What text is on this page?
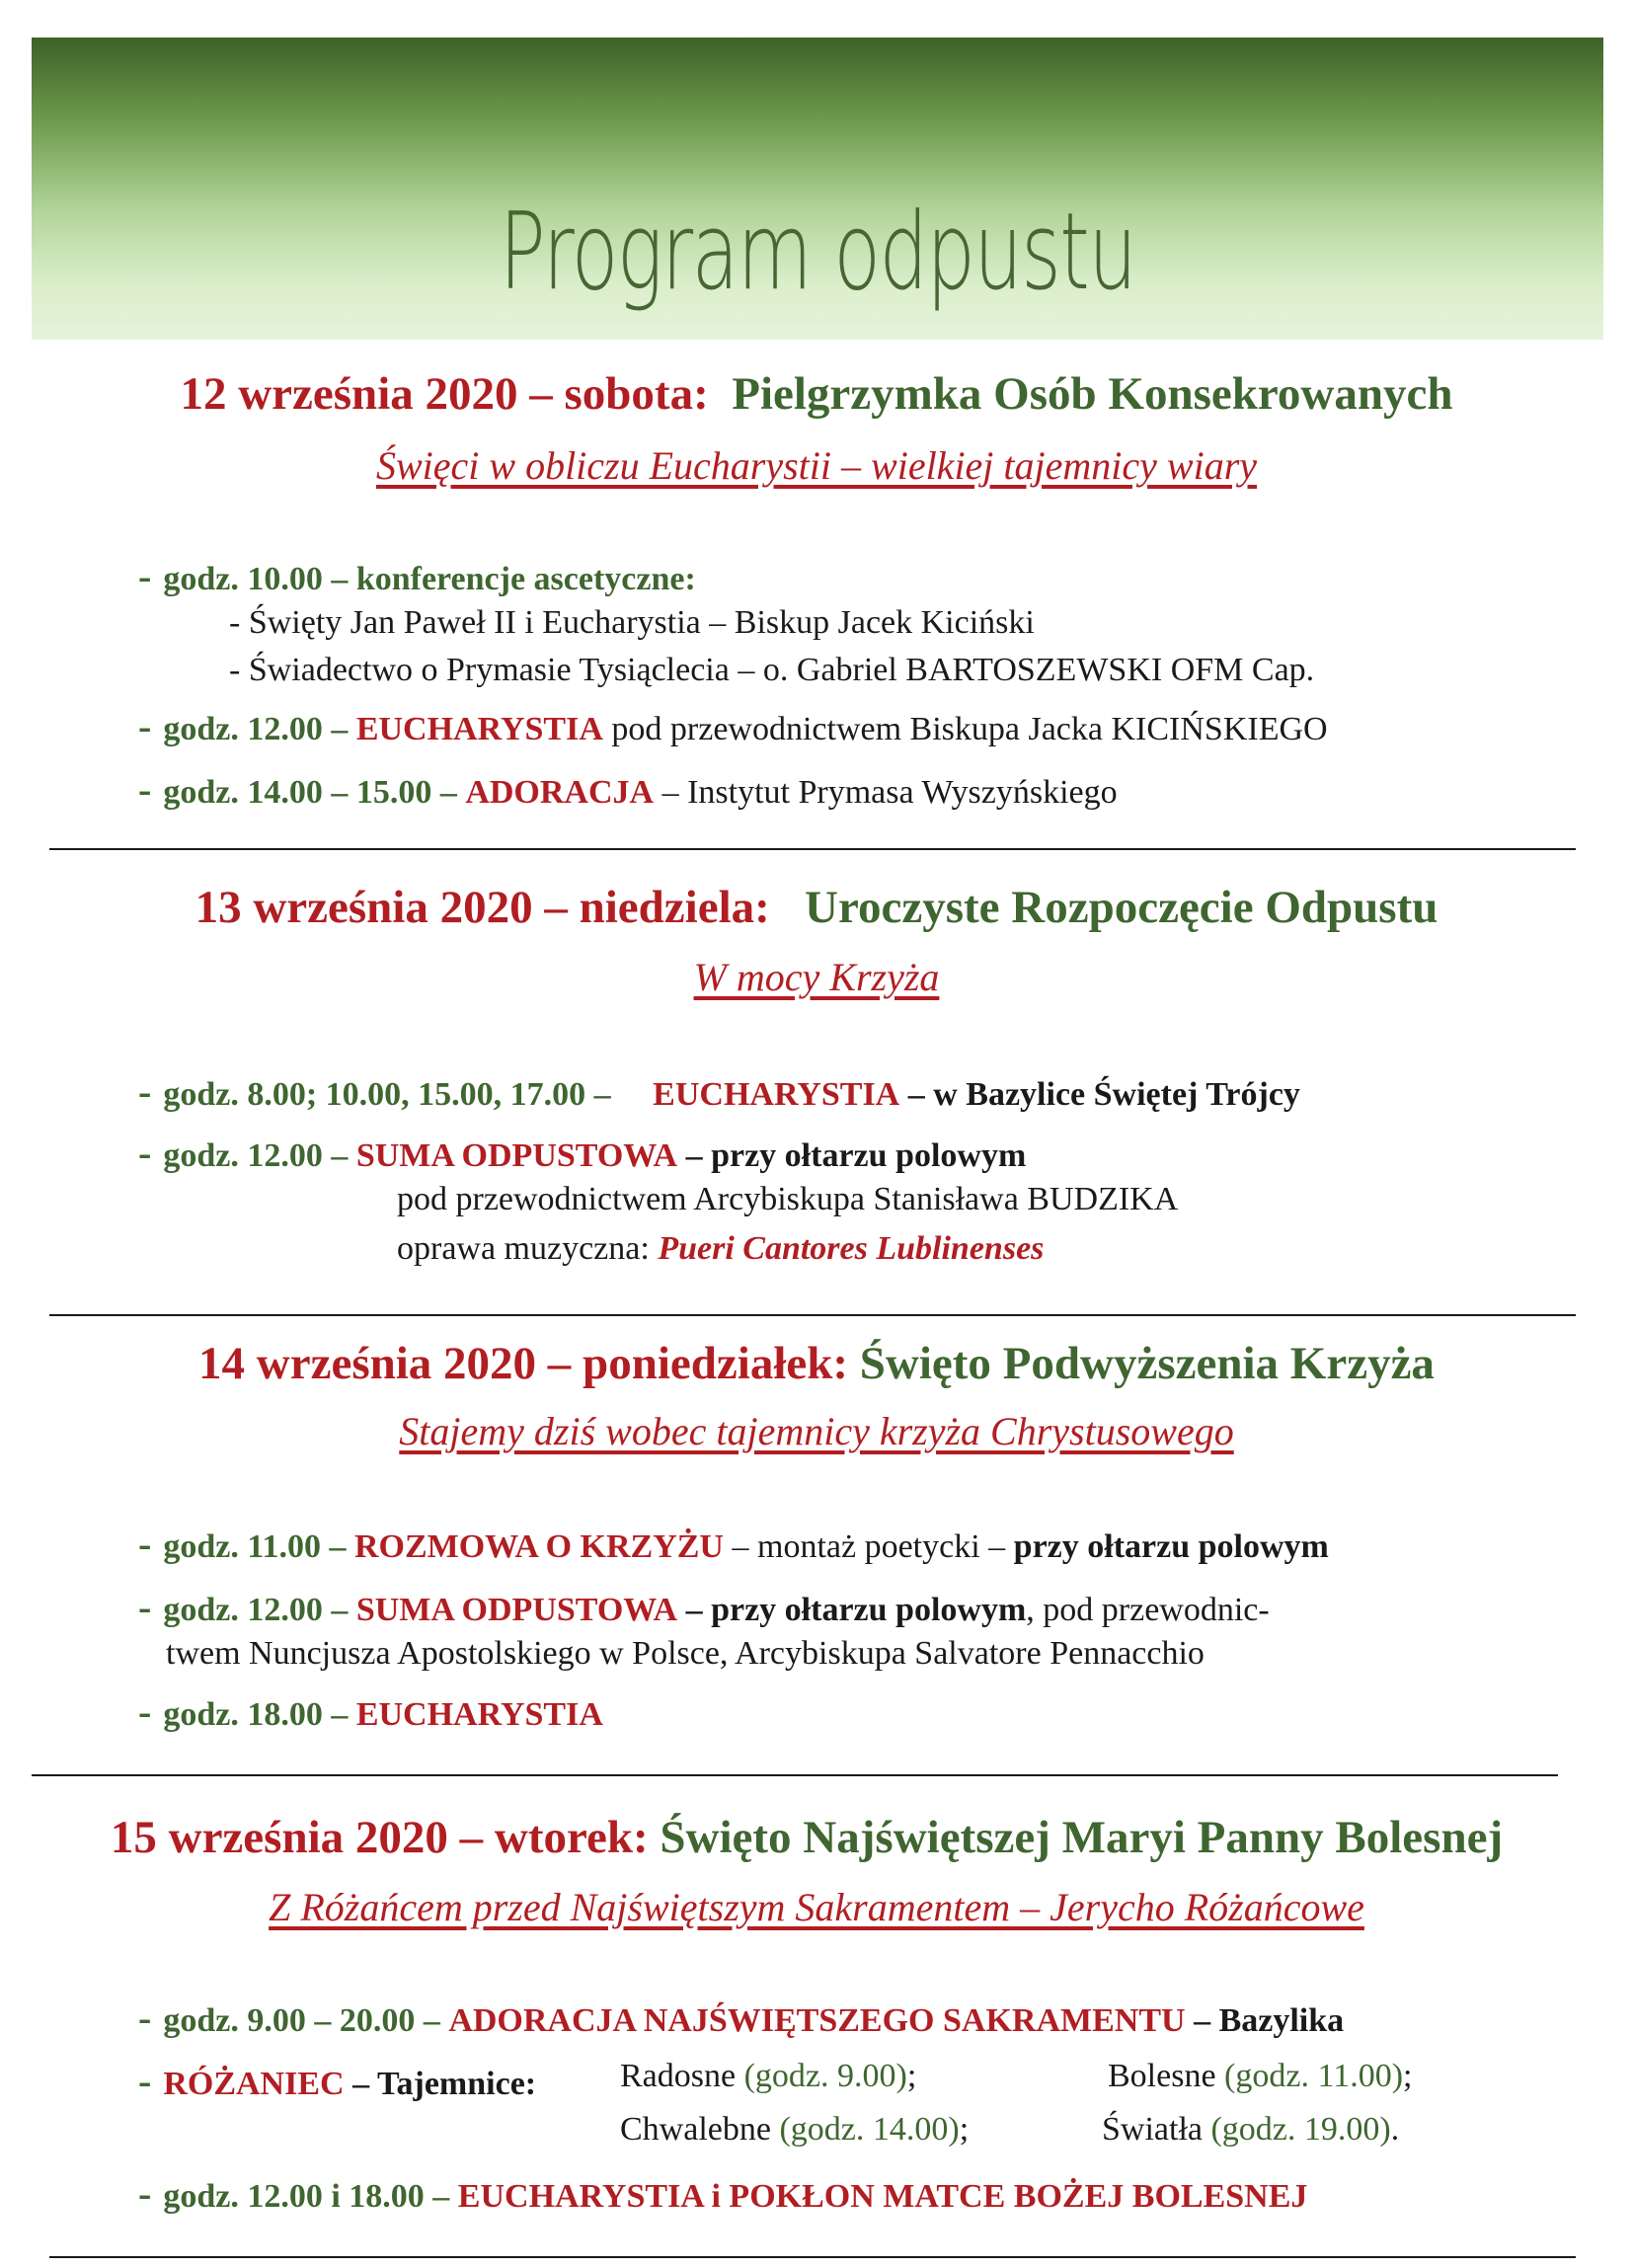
Program odpustu
12 września 2020 – sobota: Pielgrzymka Osób Konsekrowanych
Święci w obliczu Eucharystii – wielkiej tajemnicy wiary
- godz. 10.00 – konferencje ascetyczne:
- Święty Jan Paweł II i Eucharystia – Biskup Jacek Kiciński
- Świadectwo o Prymasie Tysiąclecia – o. Gabriel BARTOSZEWSKI OFM Cap.
- godz. 12.00 – EUCHARYSTIA pod przewodnictwem Biskupa Jacka KICIŃSKIEGO
- godz. 14.00 – 15.00 – ADORACJA – Instytut Prymasa Wyszyńskiego
13 września 2020 – niedziela: Uroczyste Rozpoczęcie Odpustu
W mocy Krzyża
- godz. 8.00; 10.00, 15.00, 17.00 – EUCHARYSTIA – w Bazylice Świętej Trójcy
- godz. 12.00 – SUMA ODPUSTOWA – przy ołtarzu polowym
pod przewodnictwem Arcybiskupa Stanisława BUDZIKA
oprawa muzyczna: Pueri Cantores Lublinenses
14 września 2020 – poniedziałek: Święto Podwyższenia Krzyża
Stajemy dziś wobec tajemnicy krzyża Chrystusowego
- godz. 11.00 – ROZMOWA O KRZYŻU – montaż poetycki – przy ołtarzu polowym
- godz. 12.00 – SUMA ODPUSTOWA – przy ołtarzu polowym, pod przewodnic-
twem Nuncjusza Apostolskiego w Polsce, Arcybiskupa Salvatore Pennacchio
- godz. 18.00 – EUCHARYSTIA
15 września 2020 – wtorek: Święto Najświętszej Maryi Panny Bolesnej
Z Różańcem przed Najświętszym Sakramentem – Jerycho Różańcowe
- godz. 9.00 – 20.00 – ADORACJA NAJŚWIĘTSZEGO SAKRAMENTU – Bazylika
- RÓŻANIEC – Tajemnice: Radosne (godz. 9.00);	Bolesne (godz. 11.00);
Chwalebne (godz. 14.00);	Światła (godz. 19.00).
- godz. 12.00 i 18.00 – EUCHARYSTIA i POKŁON MATCE BOŻEJ BOLESNEJ
